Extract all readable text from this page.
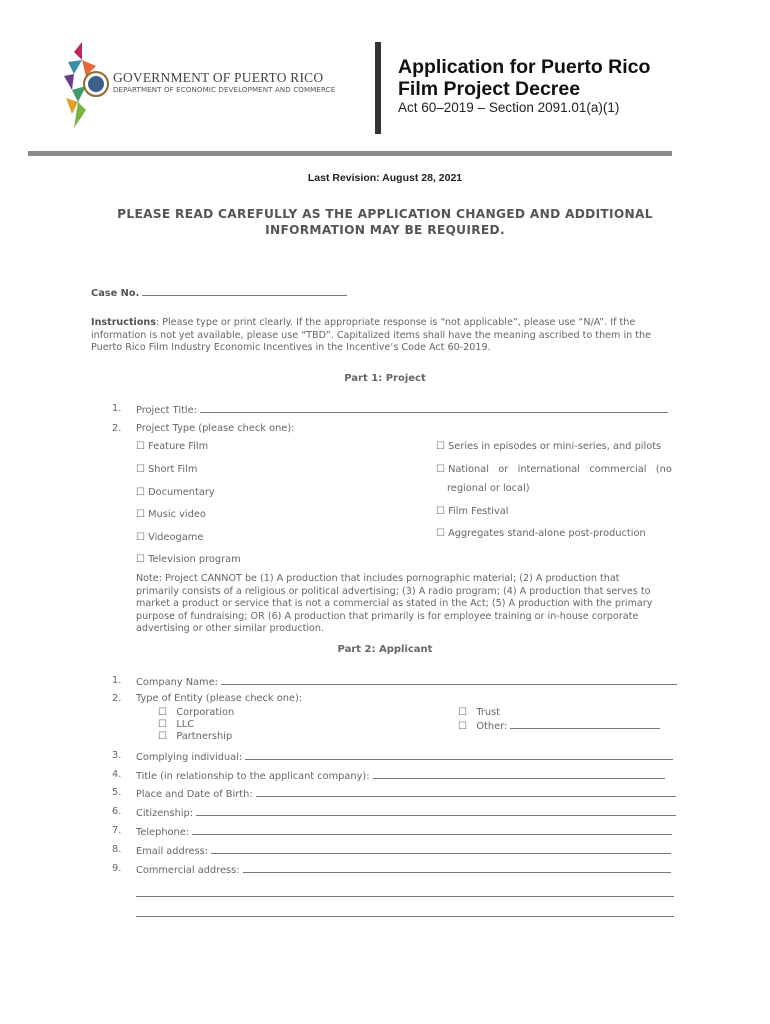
GOVERNMENT OF PUERTO RICO
DEPARTMENT OF ECONOMIC DEVELOPMENT AND COMMERCE
Application for Puerto Rico
Film Project Decree
Act 60–2019 – Section 2091.01(a)(1)
Last Revision: August 28, 2021
PLEASE READ CAREFULLY AS THE APPLICATION CHANGED AND ADDITIONAL
INFORMATION MAY BE REQUIRED.
Case No.
Instructions: Please type or print clearly. If the appropriate response is “not applicable”, please use “N/A”. If the
information is not yet available, please use “TBD”. Capitalized items shall have the meaning ascribed to them in the
Puerto Rico Film Industry Economic Incentives in the Incentive’s Code Act 60-2019.
Part 1: Project
1. Project Title:
2. Project Type (please check one):
☐ Feature Film
☐ Short Film
☐ Documentary
☐ Music video
☐ Videogame
☐ Television program
☐ Series in episodes or mini-series, and pilots
☐ National   or   international   commercial   (no
regional or local)
☐ Film Festival
☐ Aggregates stand-alone post-production
Note: Project CANNOT be (1) A production that includes pornographic material; (2) A production that
primarily consists of a religious or political advertising; (3) A radio program; (4) A production that serves to
market a product or service that is not a commercial as stated in the Act; (5) A production with the primary
purpose of fundraising; OR (6) A production that primarily is for employee training or in-house corporate
advertising or other similar production.
Part 2: Applicant
1. Company Name:
2. Type of Entity (please check one):
☐ Corporation
☐ LLC
☐ Partnership
☐ Trust
☐ Other:
3. Complying individual:
4. Title (in relationship to the applicant company):
5. Place and Date of Birth:
6. Citizenship:
7. Telephone:
8. Email address:
9. Commercial address:
